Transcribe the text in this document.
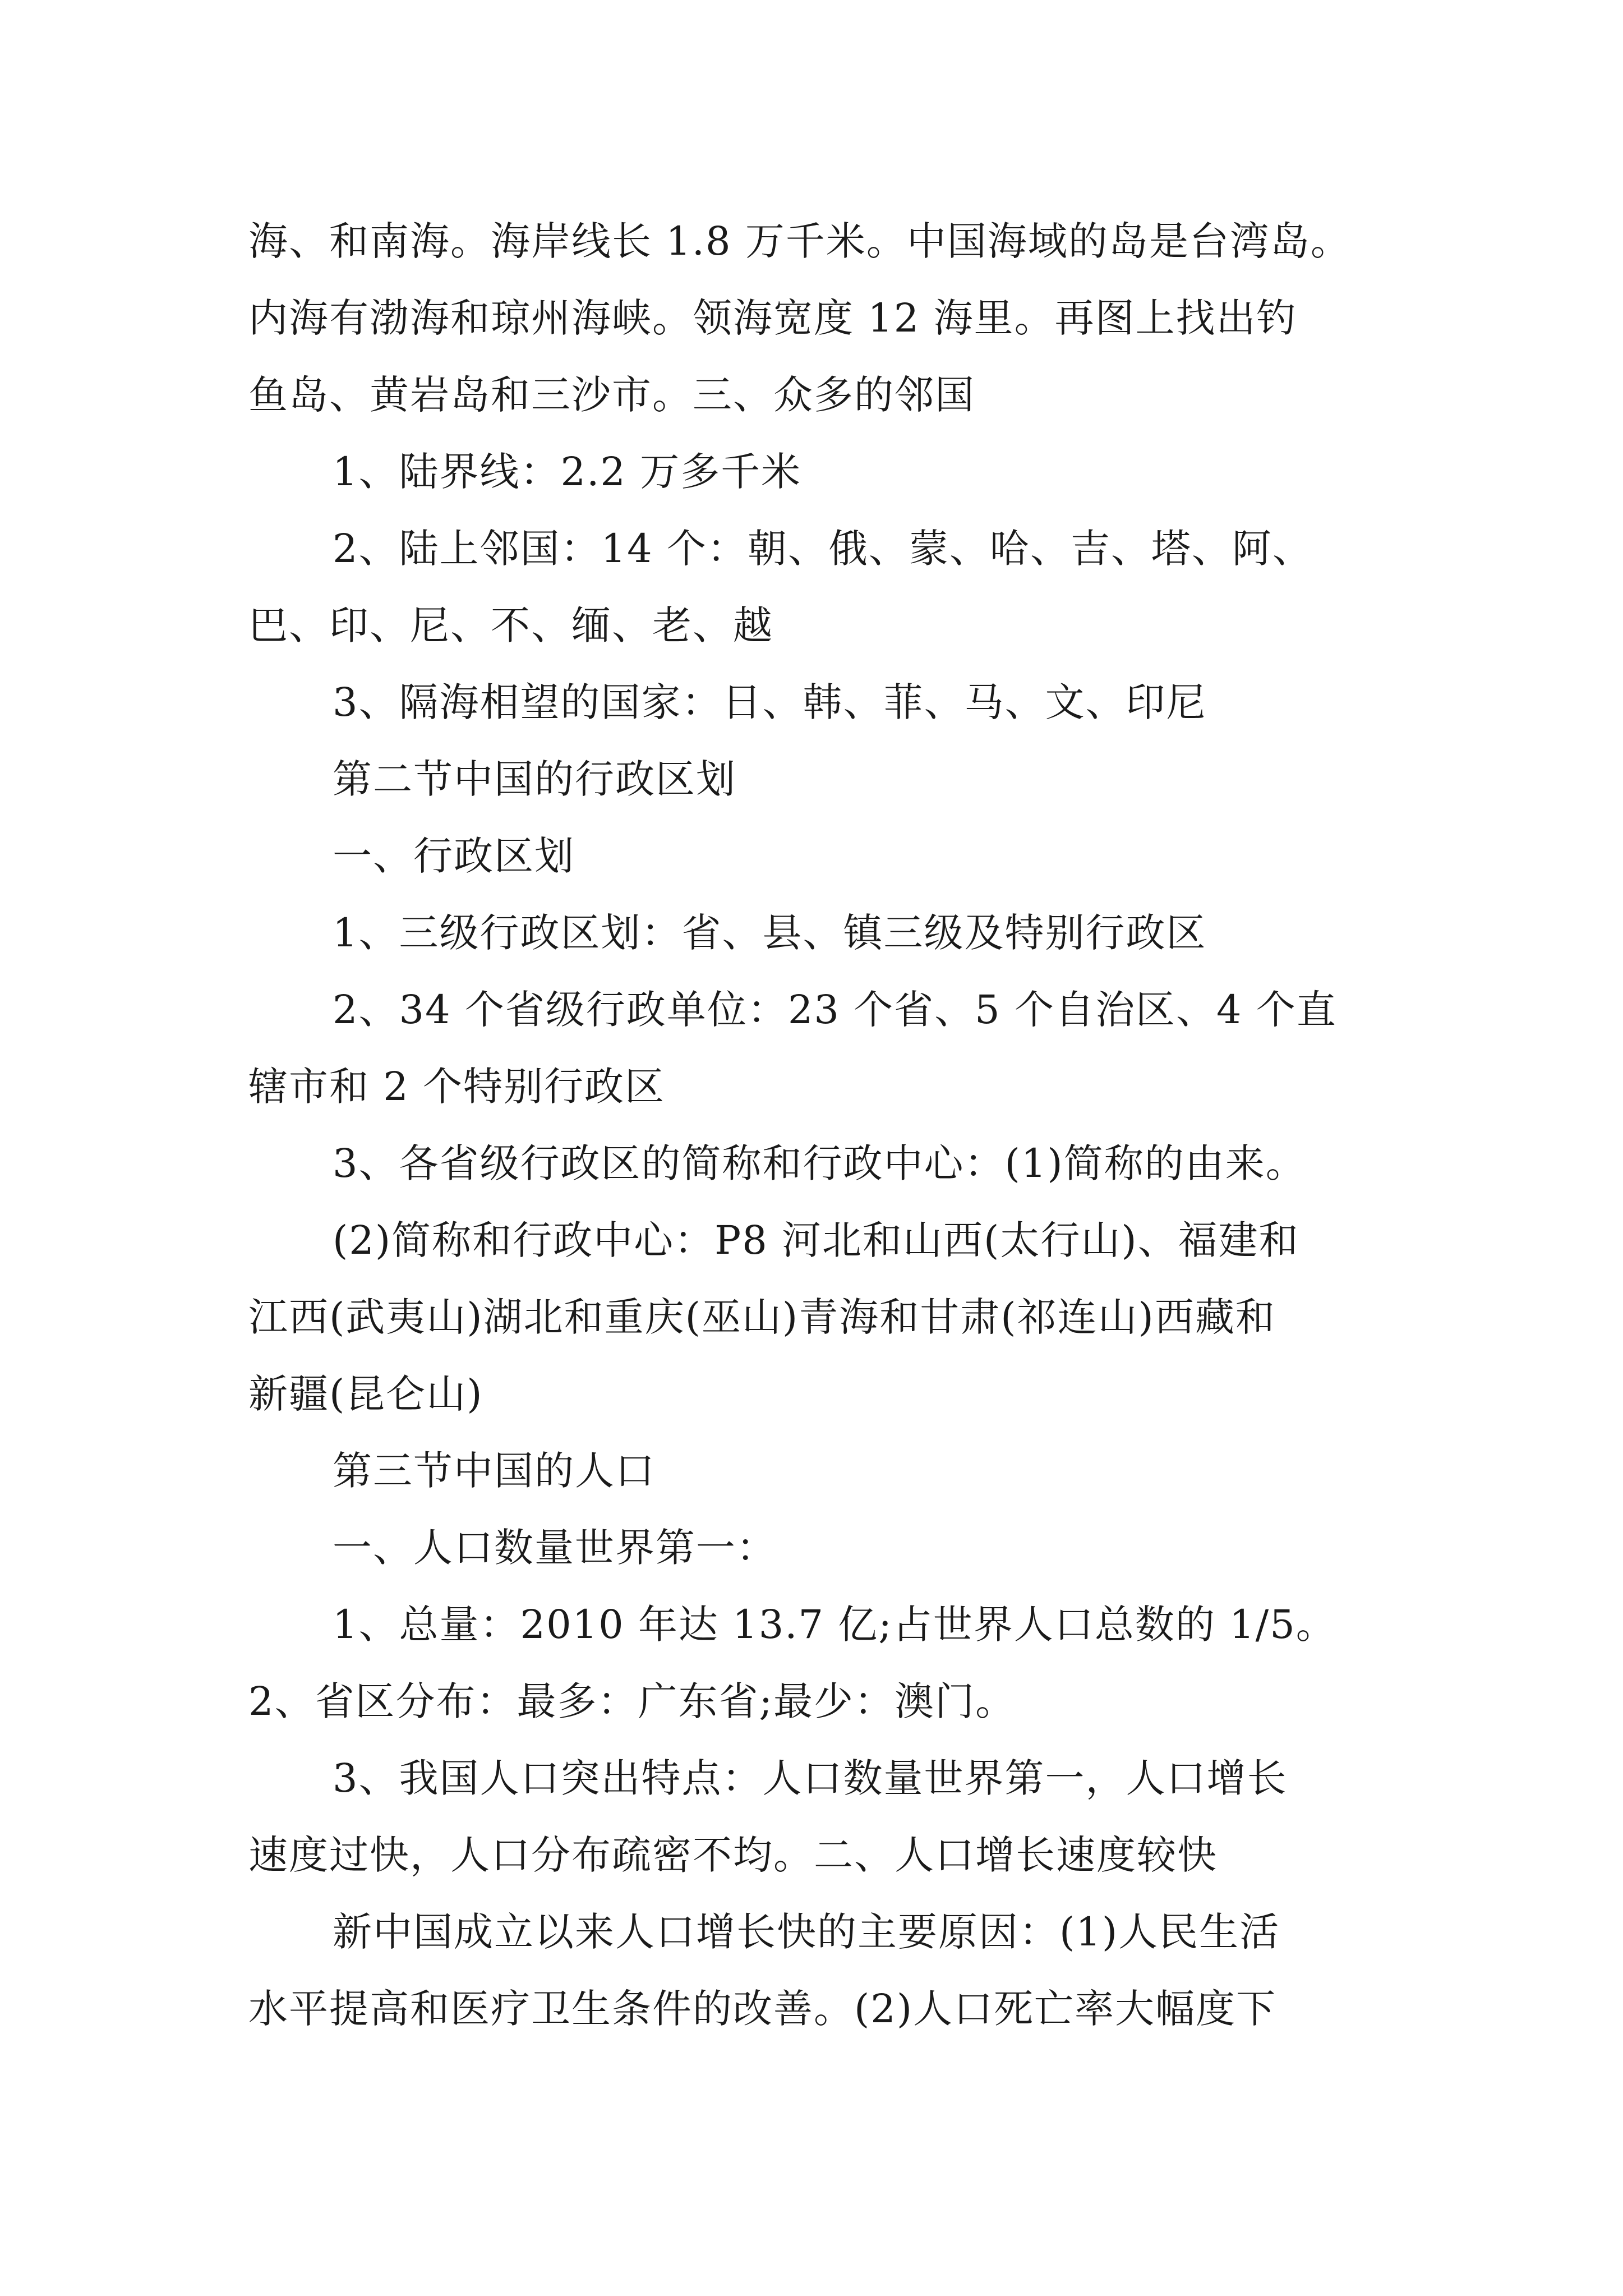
海、和南海。海岸线长 1.8 万千米。中国海域的岛是台湾岛。
内海有渤海和琼州海峡。领海宽度 12 海里。再图上找出钓
鱼岛、黄岩岛和三沙市。三、众多的邻国
1、陆界线：2.2 万多千米
2、陆上邻国：14 个：朝、俄、蒙、哈、吉、塔、阿、
巴、印、尼、不、缅、老、越
3、隔海相望的国家：日、韩、菲、马、文、印尼
第二节中国的行政区划
一、行政区划
1、三级行政区划：省、县、镇三级及特别行政区
2、34 个省级行政单位：23 个省、5 个自治区、4 个直
辖市和 2 个特别行政区
3、各省级行政区的简称和行政中心：(1)简称的由来。
(2)简称和行政中心：P8 河北和山西(太行山)、福建和
江西(武夷山)湖北和重庆(巫山)青海和甘肃(祁连山)西藏和
新疆(昆仑山)
第三节中国的人口
一、人口数量世界第一：
1、总量：2010 年达 13.7 亿;占世界人口总数的 1/5。
2、省区分布：最多：广东省;最少：澳门。
3、我国人口突出特点：人口数量世界第一，人口增长
速度过快，人口分布疏密不均。二、人口增长速度较快
新中国成立以来人口增长快的主要原因：(1)人民生活
水平提高和医疗卫生条件的改善。(2)人口死亡率大幅度下
